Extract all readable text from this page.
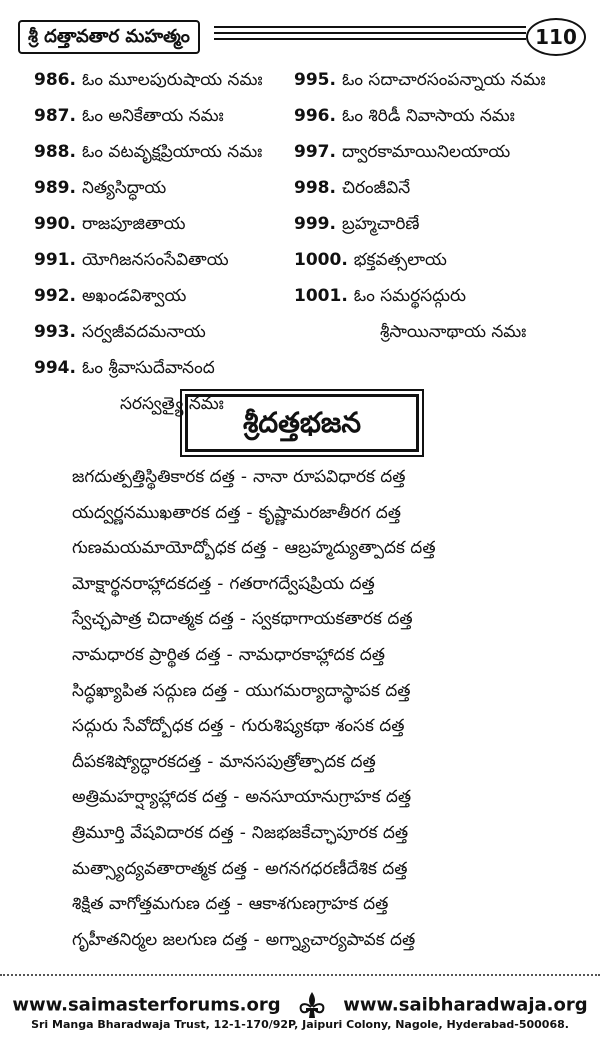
శ్రీ దత్తావతార మహత్మం	110
986. ఓం మూలపురుషాయ నమః
987. ఓం అనికేతాయ నమః
988. ఓం వటవృక్షప్రియాయ నమః
989. నిత్యసిద్ధాయ
990. రాజపూజితాయ
991. యోగిజనసంసేవితాయ
992. అఖండవిశ్వాయ
993. సర్వజీవదమనాయ
994. ఓం శ్రీవాసుదేవానంద
సరస్వత్యై నమః
995. ఓం సదాచారసంపన్నాయ నమః
996. ఓం శిరిడీ నివాసాయ నమః
997. ద్వారకామాయినిలయాయ
998. చిరంజీవినే
999. బ్రహ్మచారిణే
1000. భక్తవత్సలాయ
1001. ఓం సమర్థసద్గురు
శ్రీసాయినాథాయ నమః
శ్రీదత్తభజన
జగదుత్పత్తిస్థితికారక దత్త - నానా రూపవిధారక దత్త
యద్వర్ణనముఖతారక దత్త - కృష్ణామరజాతీరగ దత్త
గుణమయమాయోద్బోధక దత్త - ఆబ్రహ్మద్యుత్పాదక దత్త
మోక్షార్థనరాహ్లాదకదత్త - గతరాగద్వేషప్రియ దత్త
స్వేచ్ఛపాత్ర చిదాత్మక దత్త - స్వకథాగాయకతారక దత్త
నామధారక ప్రార్థిత దత్త - నామధారకాహ్లాదక దత్త
సిద్ధఖ్యాపిత సద్గుణ దత్త - యుగమర్యాదాస్థాపక దత్త
సద్గురు సేవోద్బోధక దత్త - గురుశిష్యకథా శంసక దత్త
దీపకశిష్యోద్ధారకదత్త - మానసపుత్రోత్పాదక దత్త
అత్రిమహర్ష్యాహ్లాదక దత్త - అనసూయానుగ్రాహక దత్త
త్రిమూర్తి వేషవిదారక దత్త - నిజభజకేచ్ఛాపూరక దత్త
మత్స్యాద్యవతారాత్మక దత్త - అగనగధరణీదేశిక దత్త
శిక్షిత వాగోత్తమగుణ దత్త - ఆకాశగుణగ్రాహక దత్త
గృహీతనిర్మల జలగుణ దత్త - అగ్న్యాచార్యపావక దత్త
www.saimasterforums.org	www.saibharadwaja.org
Sri Manga Bharadwaja Trust, 12-1-170/92P, Jaipuri Colony, Nagole, Hyderabad-500068.
